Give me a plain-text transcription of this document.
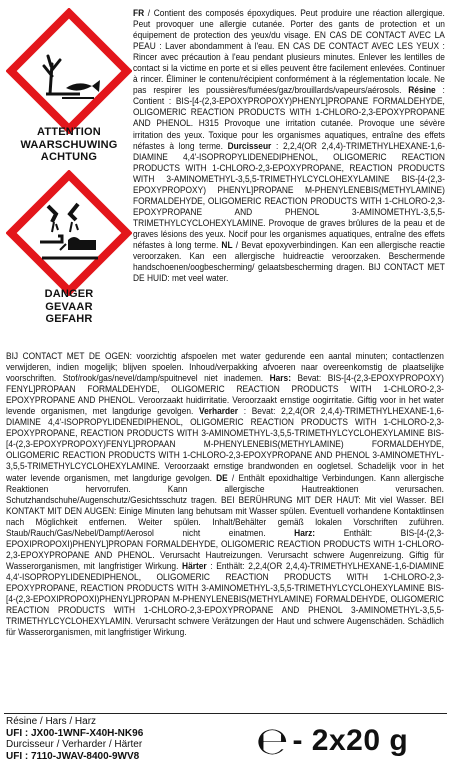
ATTENTION
WAARSCHUWING
ACHTUNG
DANGER
GEVAAR
GEFAHR

FR / Contient des composés époxydiques. Peut produire une réaction allergique. Peut provoquer une allergie cutanée. Porter des gants de protection et un équipement de protection des yeux/du visage. EN CAS DE CONTACT AVEC LA PEAU : Laver abondamment à l'eau. EN CAS DE CONTACT AVEC LES YEUX : Rincer avec précaution à l'eau pendant plusieurs minutes. Enlever les lentilles de contact si la victime en porte et si elles peuvent être facilement enlevées. Continuer à rincer. Éliminer le contenu/récipient conformément à la réglementation locale. Ne pas respirer les poussières/fumées/gaz/brouillards/vapeurs/aérosols. Résine : Contient : BIS-[4-(2,3-EPOXYPROPOXY)PHENYL]PROPANE FORMALDEHYDE, OLIGOMERIC REACTION PRODUCTS WITH 1-CHLORO-2,3-EPOXYPROPANE AND PHENOL. H315 Provoque une irritation cutanée. Provoque une sévère irritation des yeux. Toxique pour les organismes aquatiques, entraîne des effets néfastes à long terme. Durcisseur : 2,2,4(OR 2,4,4)-TRIMETHYLHEXANE-1,6-DIAMINE 4,4'-ISOPROPYLIDENEDIPHENOL, OLIGOMERIC REACTION PRODUCTS WITH 1-CHLORO-2,3-EPOXYPROPANE, REACTION PRODUCTS WITH 3-AMINOMETHYL-3,5,5-TRIMETHYLCYCLOHEXYLAMINE BIS-[4-(2,3-EPOXYPROPOXY) PHENYL]PROPANE M-PHENYLENEBIS(METHYLAMINE) FORMALDEHYDE, OLIGOMERIC REACTION PRODUCTS WITH 1-CHLORO-2,3-EPOXYPROPANE AND PHENOL 3-AMINOMETHYL-3,5,5-TRIMETHYLCYCLOHEXYLAMINE. Provoque de graves brûlures de la peau et de graves lésions des yeux. Nocif pour les organismes aquatiques, entraîne des effets néfastes à long terme. NL / Bevat epoxyverbindingen. Kan een allergische reactie veroorzaken. Kan een allergische huidreactie veroorzaken. Beschermende handschoenen/oogbescherming/ gelaatsbescherming dragen. BIJ CONTACT MET DE HUID: met veel water.

BIJ CONTACT MET DE OGEN: voorzichtig afspoelen met water gedurende een aantal minuten; contactlenzen verwijderen, indien mogelijk; blijven spoelen. Inhoud/verpakking afvoeren naar overeenkomstig de plaatselijke voorschriften. Stof/rook/gas/nevel/damp/spuitnevel niet inademen. Hars: Bevat: BIS-[4-(2,3-EPOXYPROPOXY) FENYL]PROPAAN FORMALDEHYDE, OLIGOMERIC REACTION PRODUCTS WITH 1-CHLORO-2,3-EPOXYPROPANE AND PHENOL. Veroorzaakt huidirritatie. Veroorzaakt ernstige oogirritatie. Giftig voor in het water levende organismen, met langdurige gevolgen. Verharder : Bevat: 2,2,4(OR 2,4,4)-TRIMETHYLHEXANE-1,6-DIAMINE 4,4'-ISOPROPYLIDENEDIPHENOL, OLIGOMERIC REACTION PRODUCTS WITH 1-CHLORO-2,3-EPOXYPROPANE, REACTION PRODUCTS WITH 3-AMINOMETHYL-3,5,5-TRIMETHYLCYCLOHEXYLAMINE BIS-[4-(2,3-EPOXYPROPOXY)FENYL]PROPAAN M-PHENYLENEBIS(METHYLAMINE) FORMALDEHYDE, OLIGOMERIC REACTION PRODUCTS WITH 1-CHLORO-2,3-EPOXYPROPANE AND PHENOL 3-AMINOMETHYL-3,5,5-TRIMETHYLCYCLOHEXYLAMINE. Veroorzaakt ernstige brandwonden en oogletsel. Schadelijk voor in het water levende organismen, met langdurige gevolgen. DE / Enthält epoxidhaltige Verbindungen. Kann allergische Reaktionen hervorrufen. Kann allergische Hautreaktionen verursachen. Schutzhandschuhe/Augenschutz/Gesichtsschutz tragen. BEI BERÜHRUNG MIT DER HAUT: Mit viel Wasser. BEI KONTAKT MIT DEN AUGEN: Einige Minuten lang behutsam mit Wasser spülen. Eventuell vorhandene Kontaktlinsen nach Möglichkeit entfernen. Weiter spülen. Inhalt/Behälter gemäß lokalen Vorschriften zuführen. Staub/Rauch/Gas/Nebel/Dampf/Aerosol nicht einatmen. Harz: Enthält: BIS-[4-(2,3-EPOXIPROPOXI)PHENYL]PROPAN FORMALDEHYDE, OLIGOMERIC REACTION PRODUCTS WITH 1-CHLORO-2,3-EPOXYPROPANE AND PHENOL. Verursacht Hautreizungen. Verursacht schwere Augenreizung. Giftig für Wasserorganismen, mit langfristiger Wirkung. Härter : Enthält: 2,2,4(OR 2,4,4)-TRIMETHYLHEXANE-1,6-DIAMINE 4,4'-ISOPROPYLIDENEDIPHENOL, OLIGOMERIC REACTION PRODUCTS WITH 1-CHLORO-2,3-EPOXYPROPANE, REACTION PRODUCTS WITH 3-AMINOMETHYL-3,5,5-TRIMETHYLCYCLOHEXYLAMINE BIS-[4-(2,3-EPOXIPROPOXI)PHENYL]PROPAN M-PHENYLENEBIS(METHYLAMINE) FORMALDEHYDE, OLIGOMERIC REACTION PRODUCTS WITH 1-CHLORO-2,3-EPOXYPROPANE AND PHENOL 3-AMINOMETHYL-3,5,5-TRIMETHYLCYCLOHEXYLAMIN. Verursacht schwere Verätzungen der Haut und schwere Augenschäden. Schädlich für Wasserorganismen, mit langfristiger Wirkung.

Résine / Hars / Harz
UFI : JX00-1WNF-X40H-NK96
Durcisseur / Verharder / Härter
UFI : 7110-JWAV-8400-9WV8	℮ - 2x20 g
